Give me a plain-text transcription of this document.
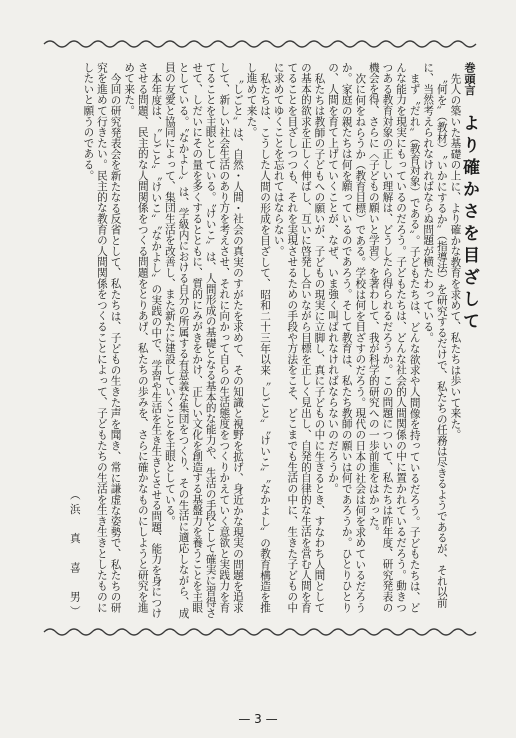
巻頭言より確かさを目ざして

先人の築いた基礎の上に、より確かな教育を求めて、私たちは歩いて来た。

〝何を〟（教材）〝いかにするか〟（指導法）を研究するだけで、私たちの任務は尽きるようであるが、それ以前に、当然考えられなければならぬ問題が横たわっている。

まず〝だれ〟（教育対象）である〟。子どもたちは、どんな欲求や人間像を持っているだろう。子どもたちは、どんな能力を現実にもっているのだろう。子どもたちは、どんな社会的人間関係の中に置かれているだろう。動きつつある教育対象の正しい理解は、どうしたら得られるだろうか。この問題について、私たちは昨年度、研究発表の機会を得、さらに〈子どもの願いと学習〉を著わして、我が科学的研究への一歩前進をはかった。

次に何をねらうか（教育目標）である。学校は何を目ざすのだろう。現代の日本の社会は何を求めているだろうか。家庭の親たちは何を願っているのであろう。そして教育は、私たち教師の願いは何であろうか。ひとりひとりの、人間を育て上げていくことが、なぜ、いま強く叫ばれなければならないのだろうか。

私たちは教師の子どもへの願いが、子どもの現実に立脚し、真に子どもの中に生きるとき、すなわち人間としての基本的欲求を正しく伸ばし、互いに啓発し合いながら目標を正しく見出し、自発的自律的な生活を営む人間を育てることを目ざしつつも、それを実現させるための手段や方法をこそ、どこまでも生活の中に、生きた子どもの中に求めてゆくことを忘れてはならない。

私たちは、こうした人間の形成を目ざして、昭和二十三年以来〝しごと〟〝けいこ〟〝なかよし〟の教育構造を推し進めて来た。

〝しごと〟は、自然・人間・社会の真実のすがたを求めて、その知識と視野を拡げ、身近かな現実の問題を追求して、新しい社会生活のあり方を考えさせ、それに向かって自らの生活態度をつくりかえていく意欲と実践力を育てることを主眼としている。〝けいこ〟は、人間形成の基礎となる基本的な能力や、生活の手段として確実に習得させて、しだいにその量を多くするとともに、質的にみがきをかけ、正しい文化を創造する基盤力を養うことを主眼としている。〝なかよし〟は、学級内における自分の所属する有意義な集団をつくり、その生活に適応しながら、成員の友愛と協同によって、集団生活を改善し、また新たに建設していくことを主眼としている。

本年度は、〝しごと〟〝けいこ〟〝なかよし〟の実践の中で、学習や生活を生き生きとさせる問題、能力を身につけさせる問題、民主的な人間関係をつくる問題をとりあげ、私たちの歩みを、さらに確かなものにしようと研究を進めて来た。

今回の研究発表会を新たなる反省として、私たちは、子どもの生きた声を聞き、常に謙虚な姿勢で、私たちの研究を進めて行きたい。民主的な教育の人間関係をつくることによって、子どもたちの生活を生き生きとしたものにしたいと願うのである。

（浜　真　喜　男）
— 3 —
